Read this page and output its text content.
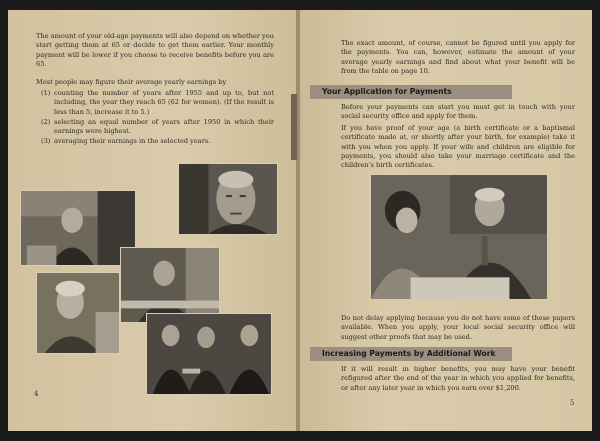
The amount of your old-age payments will also depend on whether you start getting them at 65 or decide to get them earlier. Your monthly payment will be lower if you choose to receive benefits before you are 65.

Most people may figure their average yearly earnings by

(1) counting the number of years after 1955 and up to, but not including, the year they reach 65 (62 for women). (If the result is less than 5, increase it to 5.)
(2) selecting an equal number of years after 1950 in which their earnings were highest.
(3) averaging their earnings in the selected years.
4

The exact amount, of course, cannot be figured until you apply for the payments. You can, however, estimate the amount of your average yearly earnings and find about what your benefit will be from the table on page 10.

Your Application for Payments

Before your payments can start you must get in touch with your social security office and apply for them.

If you have proof of your age (a birth certificate or a baptismal certificate made at, or shortly after your birth, for example) take it with you when you apply. If your wife and children are eligible for payments, you should also take your marriage certificate and the children's birth certificates.

Do not delay applying because you do not have some of these papers available. When you apply, your local social security office will suggest other proofs that may be used.

Increasing Payments by Additional Work

If it will result in higher benefits, you may have your benefit refigured after the end of the year in which you applied for benefits, or after any later year in which you earn over $1,200.

5
